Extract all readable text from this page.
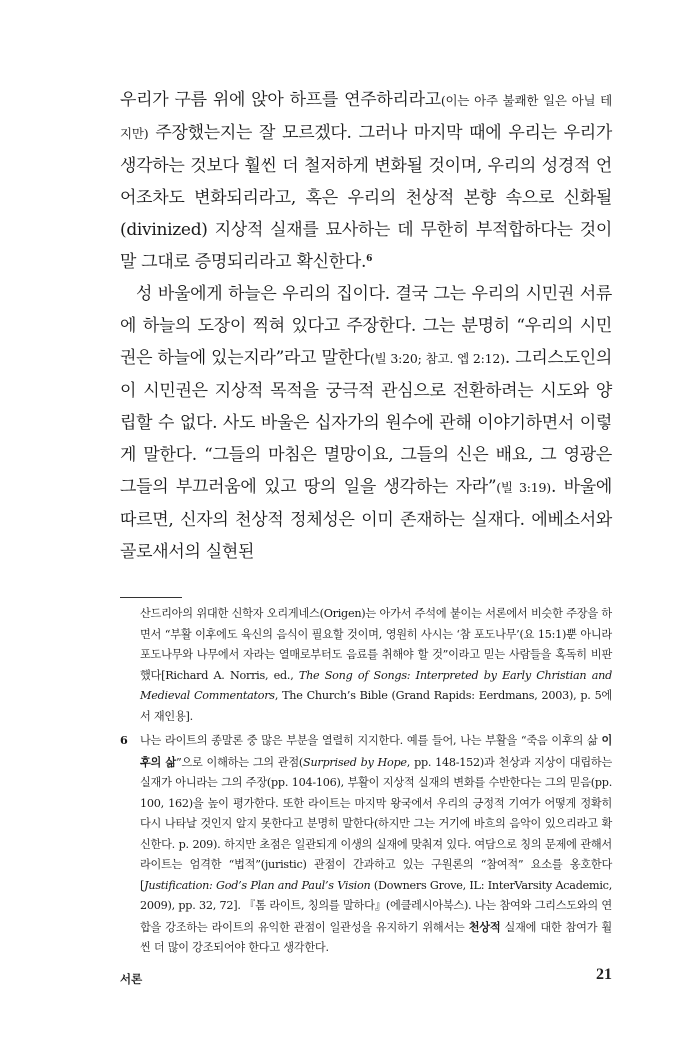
우리가 구름 위에 앉아 하프를 연주하리라고(이는 아주 불쾌한 일은 아닐 테지만) 주장했는지는 잘 모르겠다. 그러나 마지막 때에 우리는 우리가 생각하는 것보다 훨씬 더 철저하게 변화될 것이며, 우리의 성경적 언어조차도 변화되리라고, 혹은 우리의 천상적 본향 속으로 신화될(divinized) 지상적 실재를 묘사하는 데 무한히 부적합하다는 것이 말 그대로 증명되리라고 확신한다.$^6$

성 바울에게 하늘은 우리의 집이다. 결국 그는 우리의 시민권 서류에 하늘의 도장이 찍혀 있다고 주장한다. 그는 분명히 “우리의 시민권은 하늘에 있는지라”라고 말한다(빌 3:20; 참고. 엡 2:12). 그리스도인의 이 시민권은 지상적 목적을 궁극적 관심으로 전환하려는 시도와 양립할 수 없다. 사도 바울은 십자가의 원수에 관해 이야기하면서 이렇게 말한다. “그들의 마침은 멸망이요, 그들의 신은 배요, 그 영광은 그들의 부끄러움에 있고 땅의 일을 생각하는 자라”(빌 3:19). 바울에 따르면, 신자의 천상적 정체성은 이미 존재하는 실재다. 에베소서와 골로새서의 실현된

산드리아의 위대한 신학자 오리게네스(Origen)는 아가서 주석에 붙이는 서론에서 비슷한 주장을 하면서 “부활 이후에도 육신의 음식이 필요할 것이며, 영원히 사시는 ‘참 포도나무’(요 15:1)뿐 아니라 포도나무와 나무에서 자라는 열매로부터도 음료를 취해야 할 것”이라고 믿는 사람들을 혹독히 비판했다[Richard A. Norris, ed., The Song of Songs: Interpreted by Early Christian and Medieval Commentators, The Church’s Bible (Grand Rapids: Eerdmans, 2003), p. 5에서 재인용].

6 나는 라이트의 종말론 중 많은 부분을 열렬히 지지한다. 예를 들어, 나는 부활을 “죽음 이후의 삶 이후의 삶”으로 이해하는 그의 관점(Surprised by Hope, pp. 148-152)과 천상과 지상이 대립하는 실재가 아니라는 그의 주장(pp. 104-106), 부활이 지상적 실재의 변화를 수반한다는 그의 믿음(pp. 100, 162)을 높이 평가한다. 또한 라이트는 마지막 왕국에서 우리의 긍정적 기여가 어떻게 정확히 다시 나타날 것인지 알지 못한다고 분명히 말한다(하지만 그는 거기에 바흐의 음악이 있으리라고 확신한다. p. 209). 하지만 초점은 일관되게 이생의 실재에 맞춰져 있다. 여담으로 칭의 문제에 관해서 라이트는 엄격한 “법적”(juristic) 관점이 간과하고 있는 구원론의 “참여적” 요소를 옹호한다[Justification: God’s Plan and Paul’s Vision (Downers Grove, IL: InterVarsity Academic, 2009), pp. 32, 72]. 『톰 라이트, 칭의를 말하다』(에클레시아북스). 나는 참여와 그리스도와의 연합을 강조하는 라이트의 유익한 관점이 일관성을 유지하기 위해서는 천상적 실재에 대한 참여가 훨씬 더 많이 강조되어야 한다고 생각한다.

서론	21
